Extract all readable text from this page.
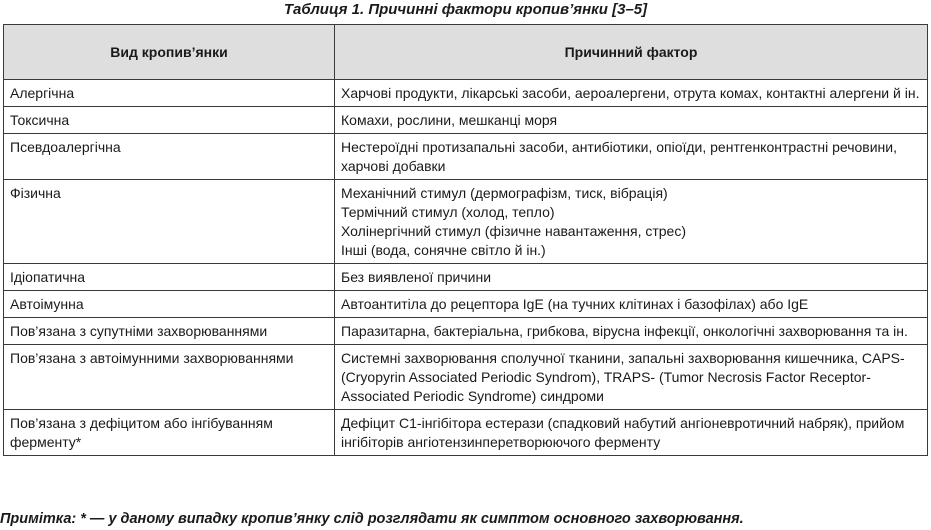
Таблиця 1. Причинні фактори кропив’янки [3–5]
Вид кропив’янки	Причинний фактор
Алергічна	Харчові продукти, лікарські засоби, аероалергени, отрута комах, контактні алергени й ін.

Токсична	Комахи, рослини, мешканці моря

Псевдоалергічна	Нестероїдні протизапальні засоби, антибіотики, опіоїди, рентгенконтрастні речовини, харчові добавки

Фізична	Механічний стимул (дермографізм, тиск, вібрація)
Термічний стимул (холод, тепло)
Холінергічний стимул (фізичне навантаження, стрес)
Інші (вода, сонячне світло й ін.)

Ідіопатична	Без виявленої причини

Автоімунна	Автоантитіла до рецептора IgE (на тучних клітинах і базофілах) або IgE

Пов’язана з супутніми захворюваннями	Паразитарна, бактеріальна, грибкова, вірусна інфекції, онкологічні захворювання та ін.

Пов’язана з автоімунними захворюваннями	Системні захворювання сполучної тканини, запальні захворювання кишечника, CAPS- (Cryopyrin Associated Periodic Syndrom), TRAPS- (Tumor Necrosis Factor Receptor-Associated Periodic Syndrome) синдроми

Пов’язана з дефіцитом або інгібуванням ферменту*	Дефіцит С1-інгібітора естерази (спадковий набутий ангіоневротичний набряк), прийом інгібіторів ангіотензинперетворюючого ферменту
Примітка: * — у даному випадку кропив’янку слід розглядати як симптом основного захворювання.
